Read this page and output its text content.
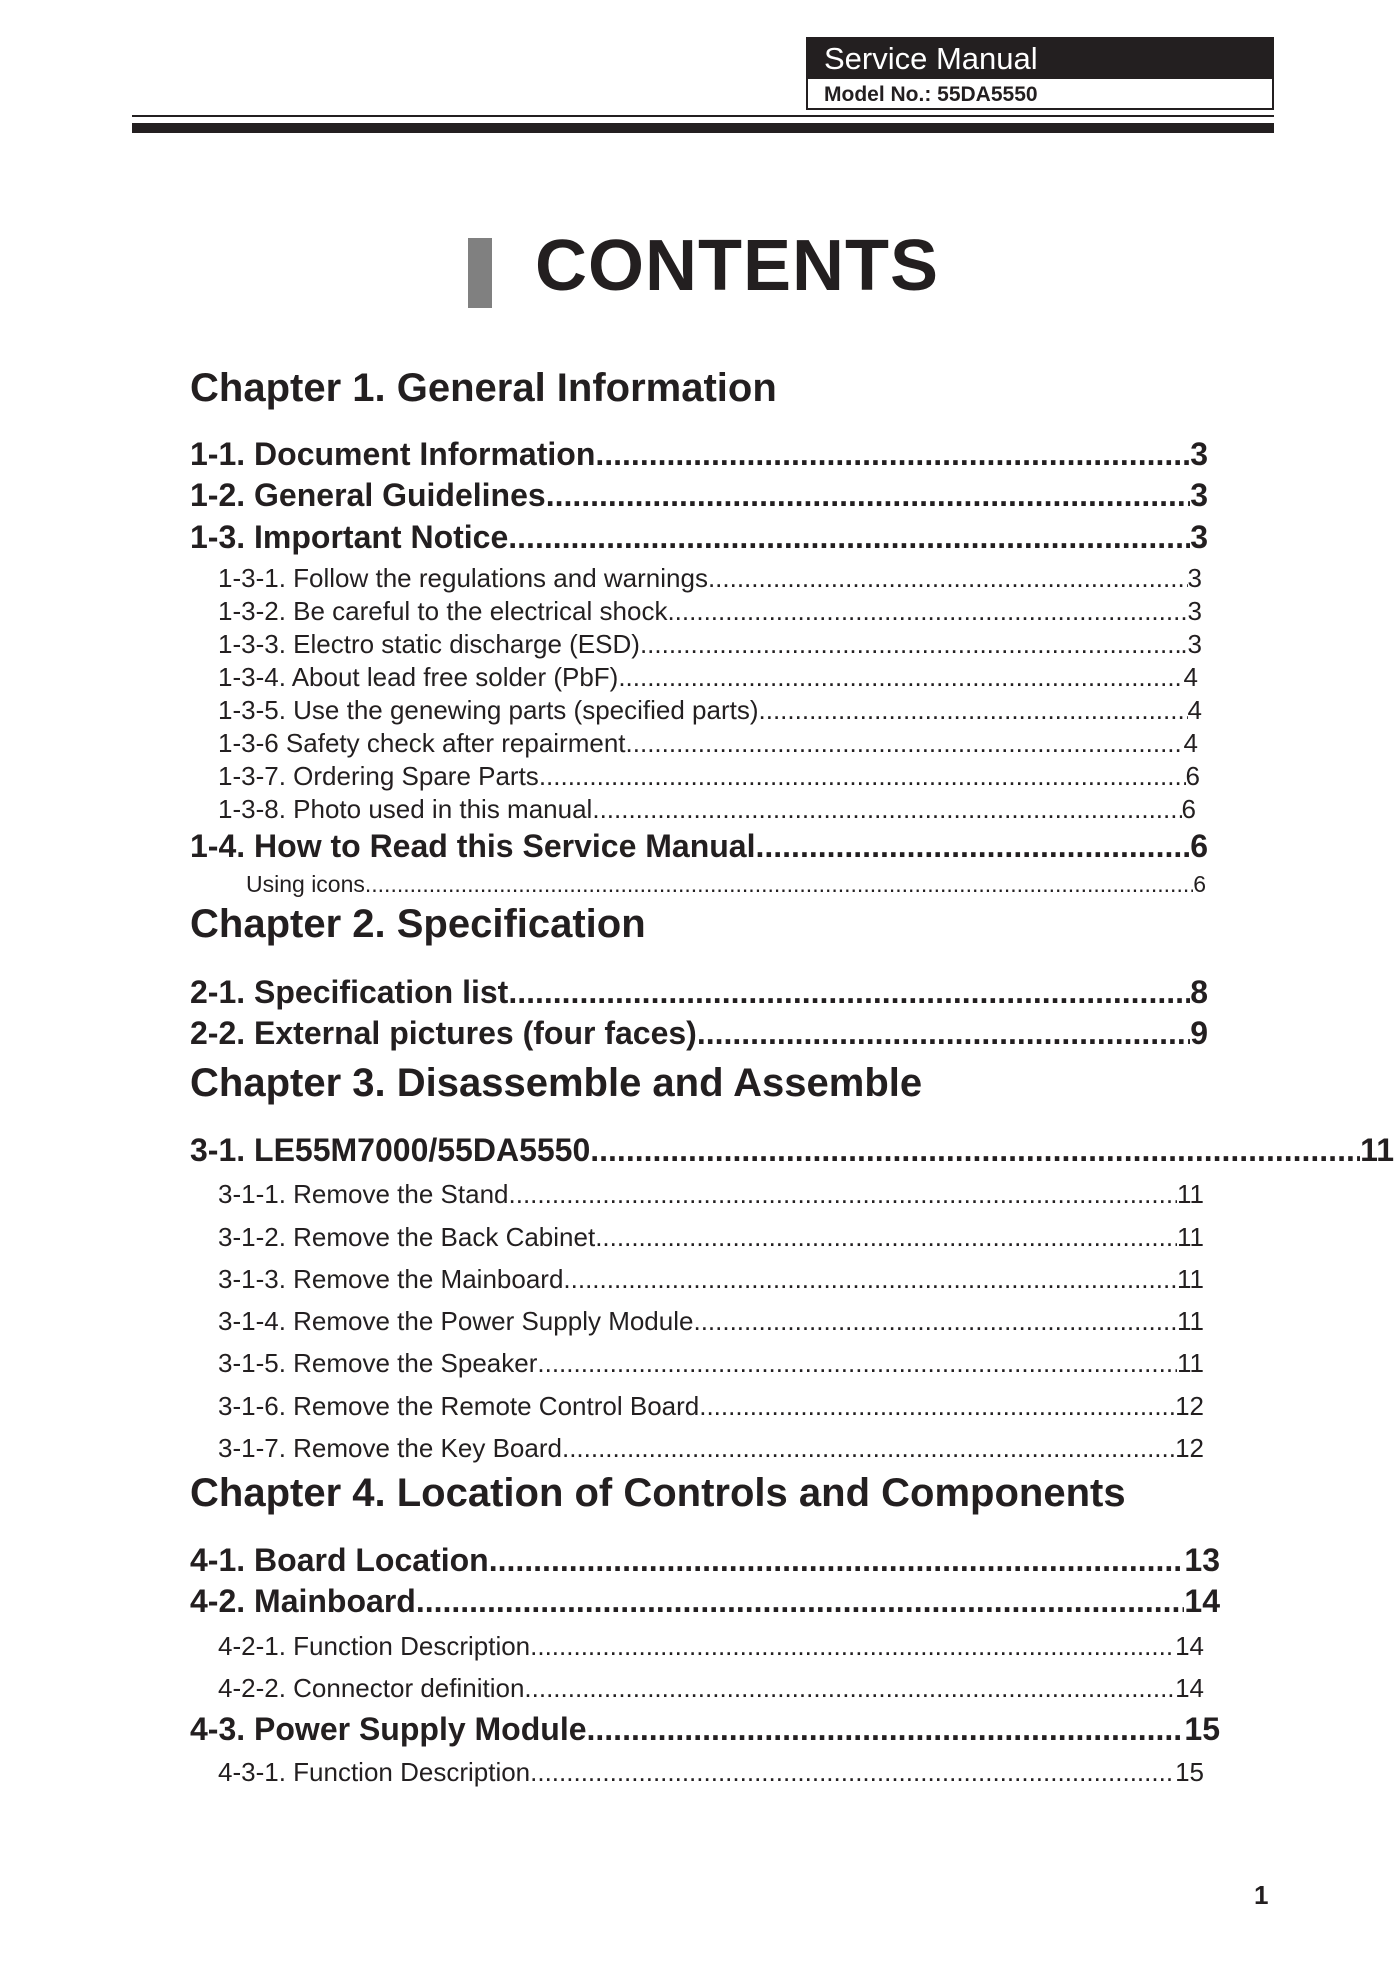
Service Manual
Model No.: 55DA5550
CONTENTS
Chapter 1. General Information
1-1. Document Information .....	3
1-2. General Guidelines .....	3
1-3. Important Notice .....	3
1-3-1. Follow the regulations and warnings .....	3
1-3-2. Be careful to the electrical shock .....	3
1-3-3. Electro static discharge (ESD) .....	.3
1-3-4. About lead free solder (PbF) .....	4
1-3-5. Use the genewing parts (specified parts) .....	4
1-3-6 Safety check after repairment .....	4
1-3-7. Ordering Spare Parts .....	6
1-3-8. Photo used in this manual .....	6
1-4. How to Read this Service Manual .....	6
Using icons .....	6
Chapter 2. Specification
2-1. Specification list .....	8
2-2. External pictures (four faces) .....	9
Chapter 3. Disassemble and Assemble
3-1. LE55M7000/55DA5550 .....	11
3-1-1. Remove the Stand .....	11
3-1-2. Remove the Back Cabinet .....	11
3-1-3. Remove the Mainboard .....	11
3-1-4. Remove the Power Supply Module .....	11
3-1-5. Remove the Speaker .....	11
3-1-6. Remove the Remote Control Board .....	12
3-1-7. Remove the Key Board .....	12
Chapter 4. Location of Controls and Components
4-1. Board Location .....	13
4-2. Mainboard .....	14
4-2-1. Function Description .....	14
4-2-2. Connector definition .....	14
4-3. Power Supply Module .....	15
4-3-1. Function Description .....	15
1
